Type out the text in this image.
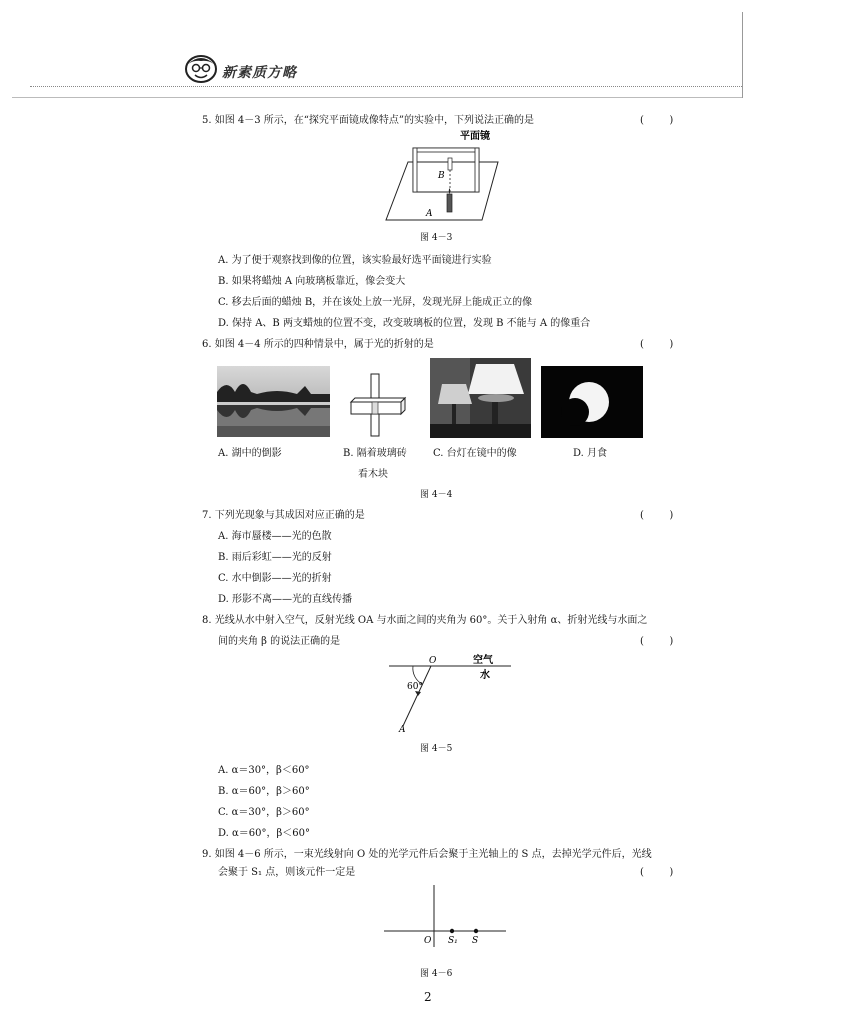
新素质方略
5. 如图 4－3 所示，在“探究平面镜成像特点”的实验中，下列说法正确的是	(        )
平面镜
B
A
图 4－3
A. 为了便于观察找到像的位置，该实验最好选平面镜进行实验
B. 如果将蜡烛 A 向玻璃板靠近，像会变大
C. 移去后面的蜡烛 B，并在该处上放一光屏，发现光屏上能成正立的像
D. 保持 A、B 两支蜡烛的位置不变，改变玻璃板的位置，发现 B 不能与 A 的像重合
6. 如图 4－4 所示的四种情景中，属于光的折射的是	(        )
A. 湖中的倒影	B. 隔着玻璃砖
看木块
C. 台灯在镜中的像	D. 月食
图 4－4
7. 下列光现象与其成因对应正确的是	(        )
A. 海市蜃楼——光的色散
B. 雨后彩虹——光的反射
C. 水中倒影——光的折射
D. 形影不离——光的直线传播
8. 光线从水中射入空气，反射光线 OA 与水面之间的夹角为 60°。关于入射角 α、折射光线与水面之
间的夹角 β 的说法正确的是	(        )
O	空气
水
60°
A
图 4－5
A. α＝30°，β＜60°
B. α＝60°，β＞60°
C. α＝30°，β＞60°
D. α＝60°，β＜60°
9. 如图 4－6 所示，一束光线射向 O 处的光学元件后会聚于主光轴上的 S 点，去掉光学元件后，光线
会聚于 S₁ 点，则该元件一定是	(        )
O S₁ S
图 4－6
2
